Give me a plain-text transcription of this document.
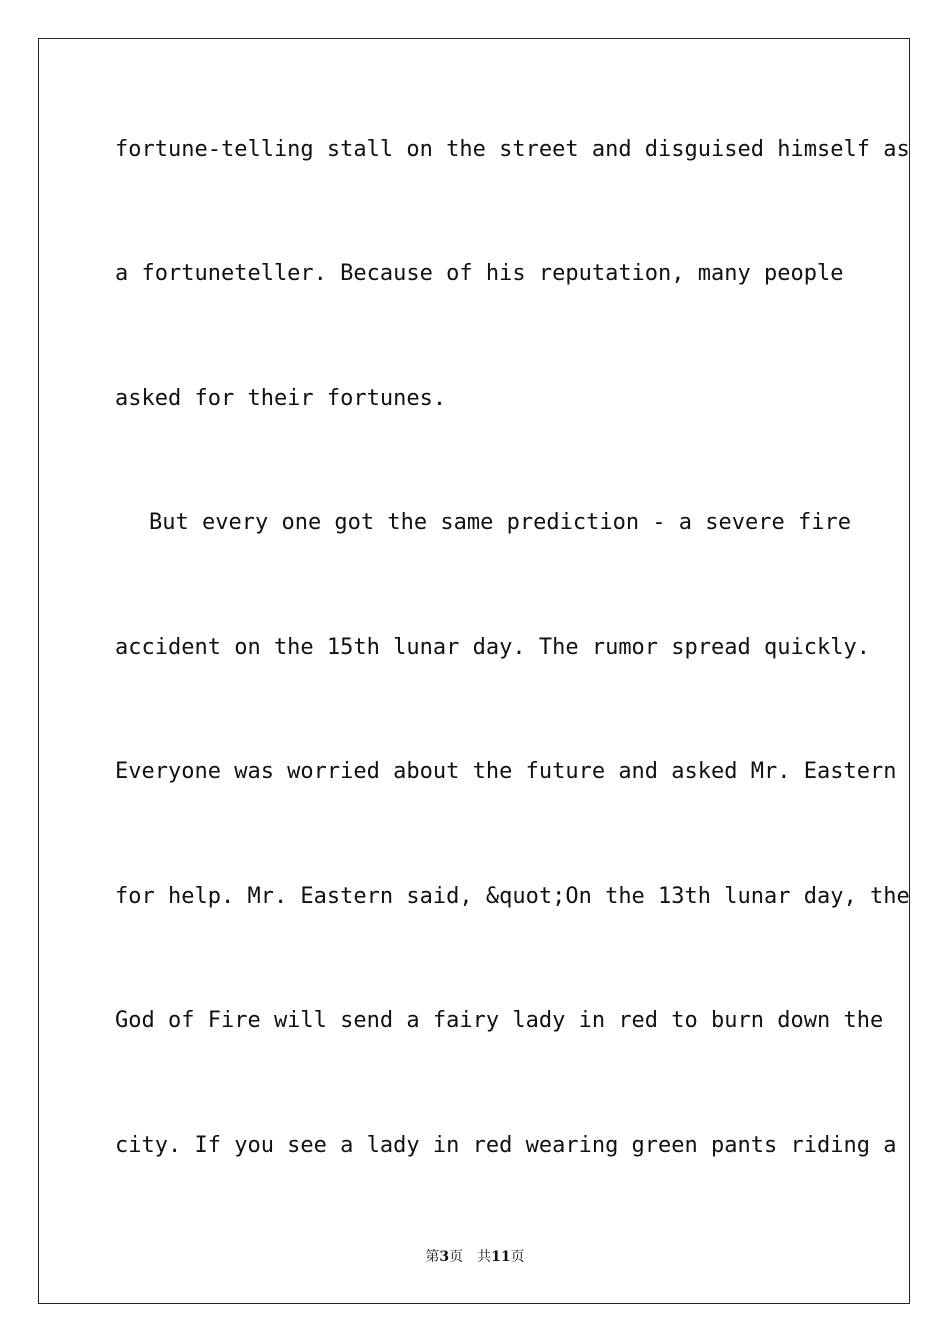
fortune-telling stall on the street and disguised himself as
a fortuneteller. Because of his reputation, many people
asked for their fortunes.
But every one got the same prediction - a severe fire
accident on the 15th lunar day. The rumor spread quickly.
Everyone was worried about the future and asked Mr. Eastern
for help. Mr. Eastern said, &quot;On the 13th lunar day, the
God of Fire will send a fairy lady in red to burn down the
city. If you see a lady in red wearing green pants riding a
第3页　共11页
